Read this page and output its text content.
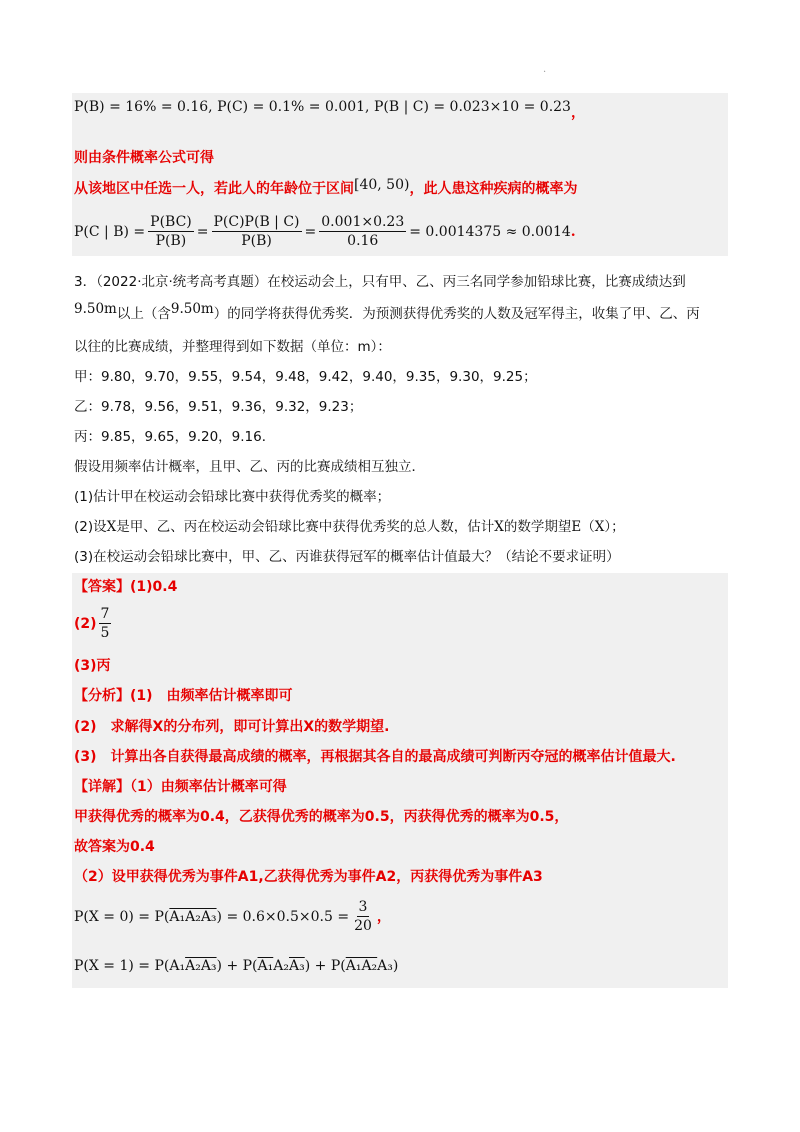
.
P(B) = 16% = 0.16, P(C) = 0.1% = 0.001, P(B | C) = 0.023×10 = 0.23，
则由条件概率公式可得
从该地区中任选一人，若此人的年龄位于区间[40, 50)，此人患这种疾病的概率为
P(C | $B) = \frac{P(BC)}{P(B)} = \frac{P(C)P(B | C)}{P(B)} = \frac{0.001\times 0.23}{0.16} = 0.0014375 \approx 0.0014$ .
3．（2022·北京·统考高考真题）在校运动会上，只有甲、乙、丙三名同学参加铅球比赛，比赛成绩达到
9.50m以上（含9.50m）的同学将获得优秀奖．为预测获得优秀奖的人数及冠军得主，收集了甲、乙、丙
以往的比赛成绩，并整理得到如下数据（单位：m）：
甲：9.80，9.70，9.55，9.54，9.48，9.42，9.40，9.35，9.30，9.25；
乙：9.78，9.56，9.51，9.36，9.32，9.23；
丙：9.85，9.65，9.20，9.16．
假设用频率估计概率，且甲、乙、丙的比赛成绩相互独立．
(1)估计甲在校运动会铅球比赛中获得优秀奖的概率；
(2)设X是甲、乙、丙在校运动会铅球比赛中获得优秀奖的总人数，估计X的数学期望E（X）；
(3)在校运动会铅球比赛中，甲、乙、丙谁获得冠军的概率估计值最大？（结论不要求证明）
【答案】(1)0.4
$(2) \frac{7}{5}$
(3)丙
【分析】(1)　由频率估计概率即可
(2)　求解得X的分布列，即可计算出X的数学期望.
(3)　计算出各自获得最高成绩的概率，再根据其各自的最高成绩可判断丙夺冠的概率估计值最大.
【详解】（1）由频率估计概率可得
甲获得优秀的概率为0.4，乙获得优秀的概率为0.5，丙获得优秀的概率为0.5，
故答案为0.4
（2）设甲获得优秀为事件A1,乙获得优秀为事件A2，丙获得优秀为事件A3
P(X = 0) = P( A₁A₂A₃ ) = $0.6\times 0.5\times 0.5 = \frac{3}{20}$ ，
P(X = 1) = P(A₁A₂A₃) + P(A₁A₂A₃) + P(A₁A₂A₃)
